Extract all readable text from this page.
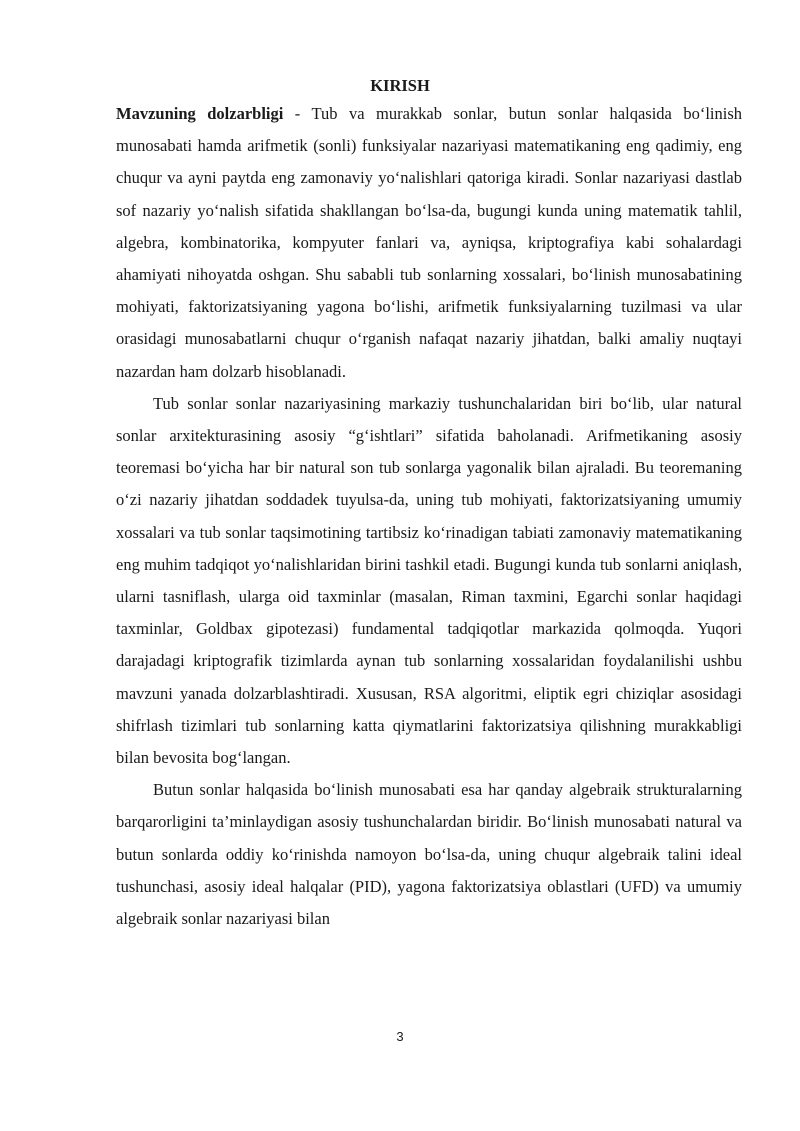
KIRISH

Mavzuning dolzarbligi - Tub va murakkab sonlar, butun sonlar halqasida bo‘linish munosabati hamda arifmetik (sonli) funksiyalar nazariyasi matematikaning eng qadimiy, eng chuqur va ayni paytda eng zamonaviy yo‘nalishlari qatoriga kiradi. Sonlar nazariyasi dastlab sof nazariy yo‘nalish sifatida shakllangan bo‘lsa-da, bugungi kunda uning matematik tahlil, algebra, kombinatorika, kompyuter fanlari va, ayniqsa, kriptografiya kabi sohalardagi ahamiyati nihoyatda oshgan. Shu sababli tub sonlarning xossalari, bo‘linish munosabatining mohiyati, faktorizatsiyaning yagona bo‘lishi, arifmetik funksiyalarning tuzilmasi va ular orasidagi munosabatlarni chuqur o‘rganish nafaqat nazariy jihatdan, balki amaliy nuqtayi nazardan ham dolzarb hisoblanadi.

Tub sonlar sonlar nazariyasining markaziy tushunchalaridan biri bo‘lib, ular natural sonlar arxitekturasining asosiy “g‘ishtlari” sifatida baholanadi. Arifmetikaning asosiy teoremasi bo‘yicha har bir natural son tub sonlarga yagonalik bilan ajraladi. Bu teoremaning o‘zi nazariy jihatdan soddadek tuyulsa-da, uning tub mohiyati, faktorizatsiyaning umumiy xossalari va tub sonlar taqsimotining tartibsiz ko‘rinadigan tabiati zamonaviy matematikaning eng muhim tadqiqot yo‘nalishlaridan birini tashkil etadi. Bugungi kunda tub sonlarni aniqlash, ularni tasniflash, ularga oid taxminlar (masalan, Riman taxmini, Egarchi sonlar haqidagi taxminlar, Goldbax gipotezasi) fundamental tadqiqotlar markazida qolmoqda. Yuqori darajadagi kriptografik tizimlarda aynan tub sonlarning xossalaridan foydalanilishi ushbu mavzuni yanada dolzarblashtiradi. Xususan, RSA algoritmi, eliptik egri chiziqlar asosidagi shifrlash tizimlari tub sonlarning katta qiymatlarini faktorizatsiya qilishning murakkabligi bilan bevosita bog‘langan.

Butun sonlar halqasida bo‘linish munosabati esa har qanday algebraik strukturalarning barqarorligini ta’minlaydigan asosiy tushunchalardan biridir. Bo‘linish munosabati natural va butun sonlarda oddiy ko‘rinishda namoyon bo‘lsa-da, uning chuqur algebraik talini ideal tushunchasi, asosiy ideal halqalar (PID), yagona faktorizatsiya oblastlari (UFD) va umumiy algebraik sonlar nazariyasi bilan

3
